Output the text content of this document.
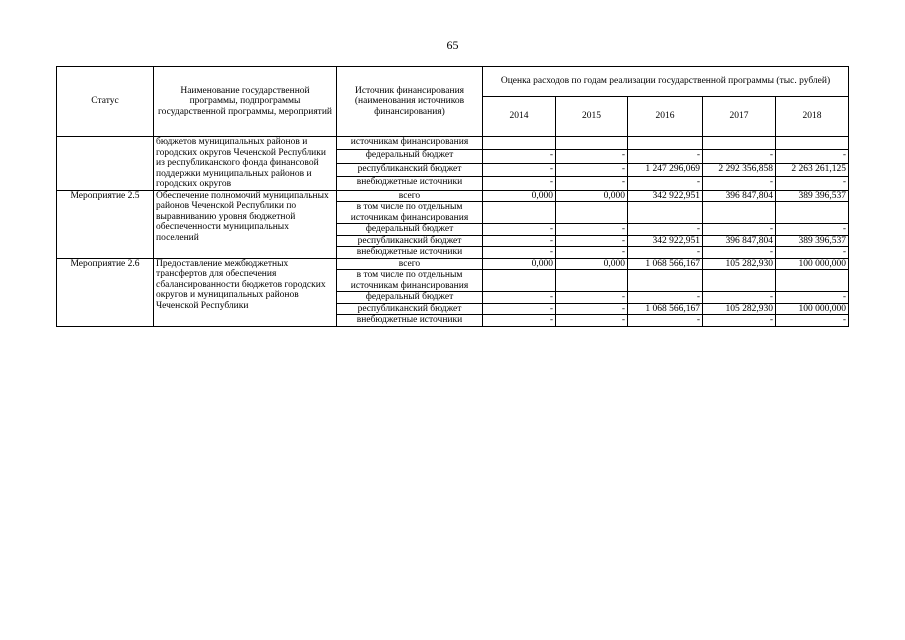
65
Статус	Наименование государственной программы, подпрограммы государственной программы, мероприятий	Источник финансирования (наименования источников финансирования)	Оценка расходов по годам реализации государственной программы (тыс. рублей)				
			2014	2015	2016	2017	2018
	бюджетов муниципальных районов и городских округов Чеченской Республики из республиканского фонда финансовой поддержки муниципальных районов и городских округов	источникам финансирования					
		федеральный бюджет	-	-	-	-	-
		республиканский бюджет	-	-	1 247 296,069	2 292 356,858	2 263 261,125
		внебюджетные источники	-	-	-	-	-
Мероприятие 2.5	Обеспечение полномочий муниципальных районов Чеченской Республики по выравниванию уровня бюджетной обеспеченности муниципальных поселений	всего	0,000	0,000	342 922,951	396 847,804	389 396,537
		в том числе по отдельным источникам финансирования					
		федеральный бюджет	-	-	-	-	-
		республиканский бюджет	-	-	342 922,951	396 847,804	389 396,537
		внебюджетные источники	-	-	-	-	-
Мероприятие 2.6	Предоставление межбюджетных трансфертов для обеспечения сбалансированности бюджетов городских округов и муниципальных районов Чеченской Республики	всего	0,000	0,000	1 068 566,167	105 282,930	100 000,000
		в том числе по отдельным источникам финансирования					
		федеральный бюджет	-	-	-	-	-
		республиканский бюджет	-	-	1 068 566,167	105 282,930	100 000,000
		внебюджетные источники	-	-	-	-	-
